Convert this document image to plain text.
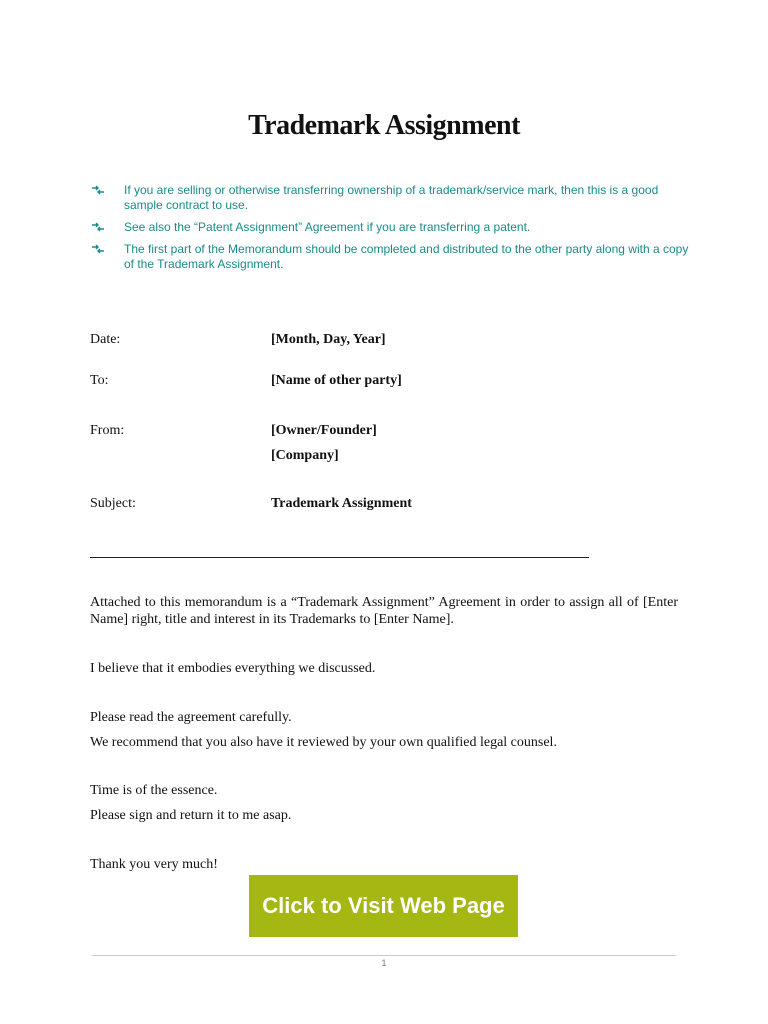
Trademark Assignment
If you are selling or otherwise transferring ownership of a trademark/service mark, then this is a good sample contract to use.
See also the “Patent Assignment” Agreement if you are transferring a patent.
The first part of the Memorandum should be completed and distributed to the other party along with a copy of the Trademark Assignment.
Date:	[Month, Day, Year]
To:	[Name of other party]
From:	[Owner/Founder]
[Company]
Subject:	Trademark Assignment
Attached to this memorandum is a “Trademark Assignment” Agreement in order to assign all of [Enter Name] right, title and interest in its Trademarks to [Enter Name].
I believe that it embodies everything we discussed.
Please read the agreement carefully.
We recommend that you also have it reviewed by your own qualified legal counsel.
Time is of the essence.
Please sign and return it to me asap.
Thank you very much!
Click to Visit Web Page
1
